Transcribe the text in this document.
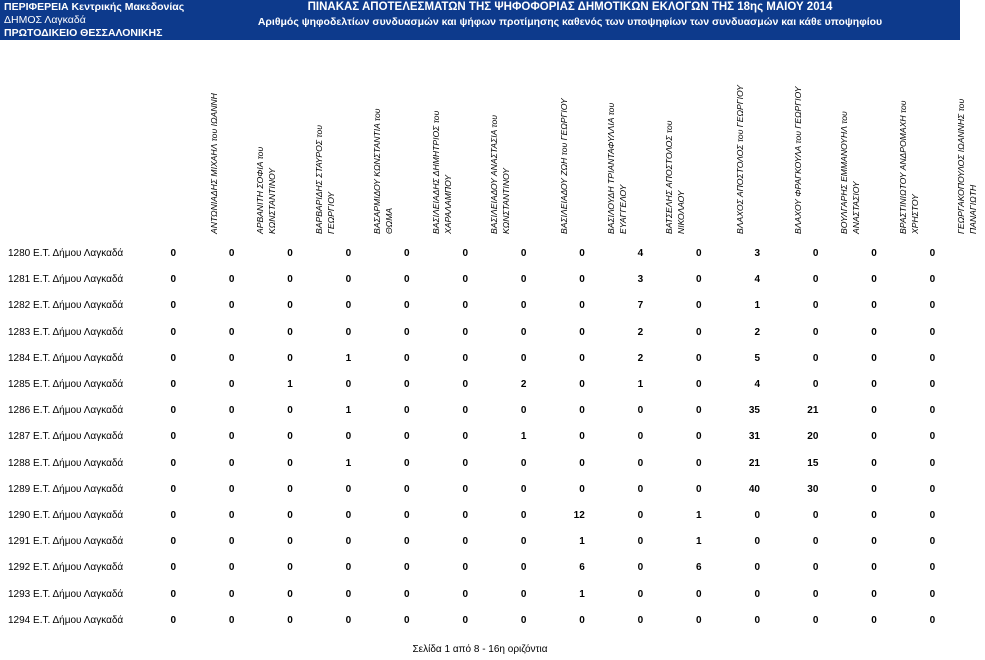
ΠΕΡΙΦΕΡΕΙΑ Κεντρικής Μακεδονίας
ΔΗΜΟΣ Λαγκαδά
ΠΡΩΤΟΔΙΚΕΙΟ ΘΕΣΣΑΛΟΝΙΚΗΣ
ΠΙΝΑΚΑΣ ΑΠΟΤΕΛΕΣΜΑΤΩΝ ΤΗΣ ΨΗΦΟΦΟΡΙΑΣ ΔΗΜΟΤΙΚΩΝ ΕΚΛΟΓΩΝ ΤΗΣ 18ης ΜΑΙΟΥ 2014
Αριθμός ψηφοδελτίων συνδυασμών και ψήφων προτίμησης καθενός των υποψηφίων των συνδυασμών και κάθε υποψηφίου
ΑΝΤΩΝΙΑΔΗΣ ΜΙΧΑΗΛ του ΙΩΑΝΝΗ	ΑΡΒΑΝΙΤΗ ΣΟΦΙΑ του ΚΩΝΣΤΑΝΤΙΝΟΥ	ΒΑΡΒΑΡΙΔΗΣ ΣΤΑΥΡΟΣ του ΓΕΩΡΓΙΟΥ	ΒΑΣΑΡΜΙΔΟΥ ΚΩΝΣΤΑΝΤΙΑ του ΘΩΜΑ	ΒΑΣΙΛΕΙΑΔΗΣ ΔΗΜΗΤΡΙΟΣ του ΧΑΡΑΛΑΜΠΟΥ	ΒΑΣΙΛΕΙΑΔΟΥ ΑΝΑΣΤΑΣΙΑ του ΚΩΝΣΤΑΝΤΙΝΟΥ	ΒΑΣΙΛΕΙΑΔΟΥ ΖΩΗ του ΓΕΩΡΓΙΟΥ	ΒΑΣΙΛΟΥΔΗ ΤΡΙΑΝΤΑΦΥΛΛΙΑ του ΕΥΑΓΓΕΛΟΥ	ΒΑΤΣΕΛΗΣ ΑΠΟΣΤΟΛΟΣ του ΝΙΚΟΛΑΟΥ	ΒΛΑΧΟΣ ΑΠΟΣΤΟΛΟΣ του ΓΕΩΡΓΙΟΥ	ΒΛΑΧΟΥ ΦΡΑΓΚΟΥΛΑ του ΓΕΩΡΓΙΟΥ	ΒΟΥΛΓΑΡΗΣ ΕΜΜΑΝΟΥΗΛ του ΑΝΑΣΤΑΣΙΟΥ	ΒΡΑΣΤΙΝΙΩΤΟΥ ΑΝΔΡΟΜΑΧΗ του ΧΡΗΣΤΟΥ	ΓΕΩΡΓΑΚΟΠΟΥΛΟΣ ΙΩΑΝΝΗΣ του ΠΑΝΑΓΙΩΤΗ
1280 Ε.Τ. Δήμου Λαγκαδά	0	0	0	0	0	0	0	0	4	0	3	0	0	0
1281 Ε.Τ. Δήμου Λαγκαδά	0	0	0	0	0	0	0	0	3	0	4	0	0	0
1282 Ε.Τ. Δήμου Λαγκαδά	0	0	0	0	0	0	0	0	7	0	1	0	0	0
1283 Ε.Τ. Δήμου Λαγκαδά	0	0	0	0	0	0	0	0	2	0	2	0	0	0
1284 Ε.Τ. Δήμου Λαγκαδά	0	0	0	1	0	0	0	0	2	0	5	0	0	0
1285 Ε.Τ. Δήμου Λαγκαδά	0	0	1	0	0	0	2	0	1	0	4	0	0	0
1286 Ε.Τ. Δήμου Λαγκαδά	0	0	0	1	0	0	0	0	0	0	35	21	0	0
1287 Ε.Τ. Δήμου Λαγκαδά	0	0	0	0	0	0	1	0	0	0	31	20	0	0
1288 Ε.Τ. Δήμου Λαγκαδά	0	0	0	1	0	0	0	0	0	0	21	15	0	0
1289 Ε.Τ. Δήμου Λαγκαδά	0	0	0	0	0	0	0	0	0	0	40	30	0	0
1290 Ε.Τ. Δήμου Λαγκαδά	0	0	0	0	0	0	0	12	0	1	0	0	0	0
1291 Ε.Τ. Δήμου Λαγκαδά	0	0	0	0	0	0	0	1	0	1	0	0	0	0
1292 Ε.Τ. Δήμου Λαγκαδά	0	0	0	0	0	0	0	6	0	6	0	0	0	0
1293 Ε.Τ. Δήμου Λαγκαδά	0	0	0	0	0	0	0	1	0	0	0	0	0	0
1294 Ε.Τ. Δήμου Λαγκαδά	0	0	0	0	0	0	0	0	0	0	0	0	0	0
Σελίδα 1 από 8 - 16η οριζόντια
